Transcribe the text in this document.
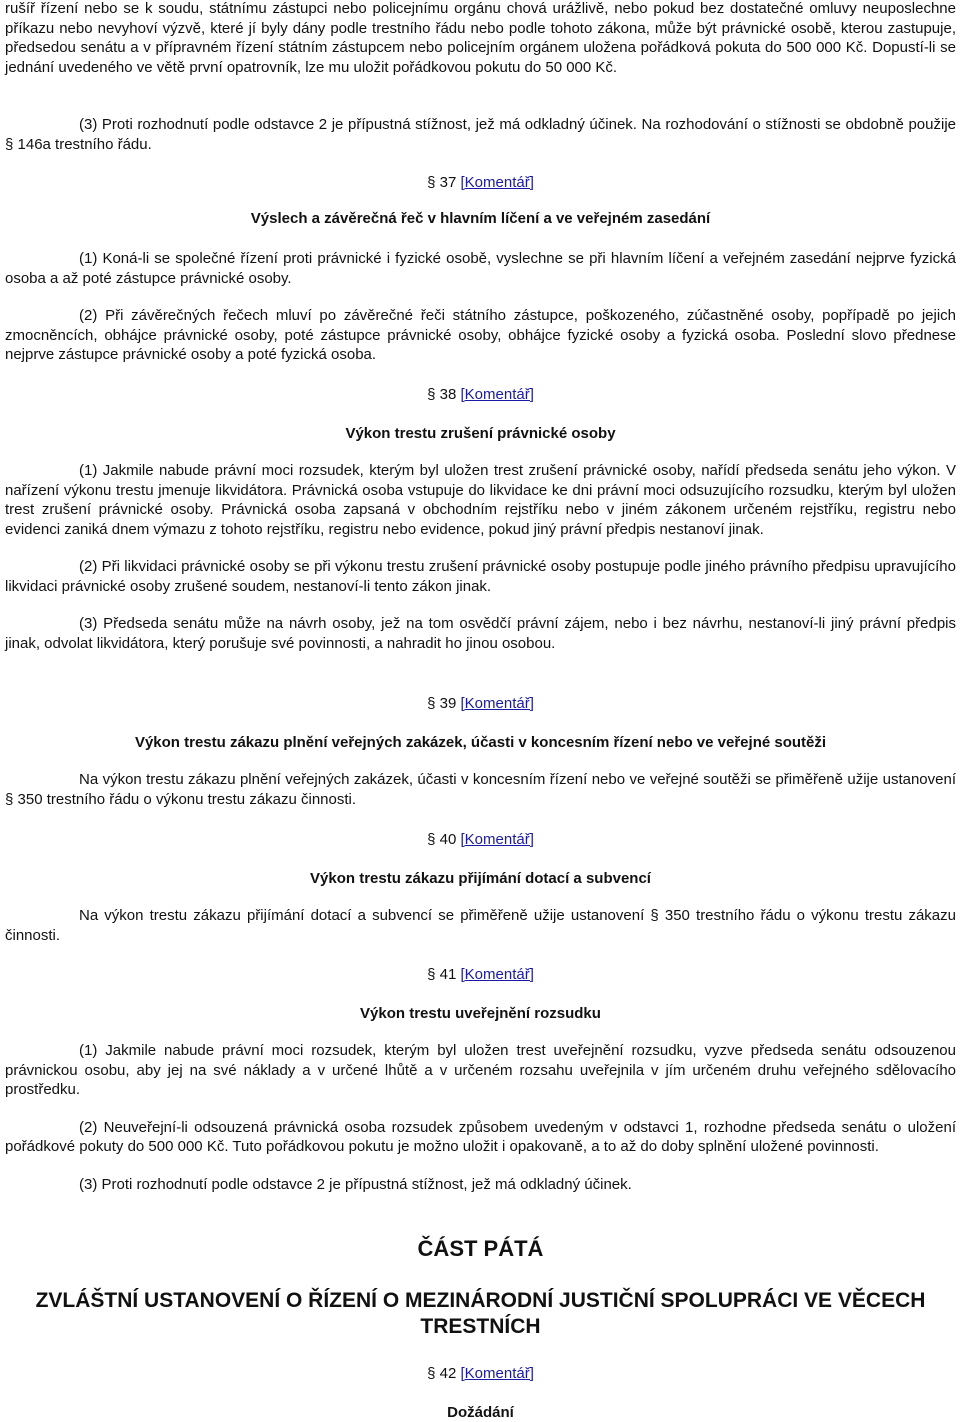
rušíř řízení nebo se k soudu, státnímu zástupci nebo policejnímu orgánu chová urážlivě, nebo pokud bez dostatečné omluvy neuposlechne příkazu nebo nevyhoví výzvě, které jí byly dány podle trestního řádu nebo podle tohoto zákona, může být právnické osobě, kterou zastupuje, předsedou senátu a v přípravném řízení státním zástupcem nebo policejním orgánem uložena pořádková pokuta do 500 000 Kč. Dopustí-li se jednání uvedeného ve větě první opatrovník, lze mu uložit pořádkovou pokutu do 50 000 Kč.

(3) Proti rozhodnutí podle odstavce 2 je přípustná stížnost, jež má odkladný účinek. Na rozhodování o stížnosti se obdobně použije § 146a trestního řádu.

§ 37 [Komentář]

Výslech a závěrečná řeč v hlavním líčení a ve veřejném zasedání

(1) Koná-li se společné řízení proti právnické i fyzické osobě, vyslechne se při hlavním líčení a veřejném zasedání nejprve fyzická osoba a až poté zástupce právnické osoby.

(2) Při závěrečných řečech mluví po závěrečné řeči státního zástupce, poškozeného, zúčastněné osoby, popřípadě po jejich zmocněncích, obhájce právnické osoby, poté zástupce právnické osoby, obhájce fyzické osoby a fyzická osoba. Poslední slovo přednese nejprve zástupce právnické osoby a poté fyzická osoba.

§ 38 [Komentář]

Výkon trestu zrušení právnické osoby

(1) Jakmile nabude právní moci rozsudek, kterým byl uložen trest zrušení právnické osoby, nařídí předseda senátu jeho výkon. V nařízení výkonu trestu jmenuje likvidátora. Právnická osoba vstupuje do likvidace ke dni právní moci odsuzujícího rozsudku, kterým byl uložen trest zrušení právnické osoby. Právnická osoba zapsaná v obchodním rejstříku nebo v jiném zákonem určeném rejstříku, registru nebo evidenci zaniká dnem výmazu z tohoto rejstříku, registru nebo evidence, pokud jiný právní předpis nestanoví jinak.

(2) Při likvidaci právnické osoby se při výkonu trestu zrušení právnické osoby postupuje podle jiného právního předpisu upravujícího likvidaci právnické osoby zrušené soudem, nestanoví-li tento zákon jinak.

(3) Předseda senátu může na návrh osoby, jež na tom osvědčí právní zájem, nebo i bez návrhu, nestanoví-li jiný právní předpis jinak, odvolat likvidátora, který porušuje své povinnosti, a nahradit ho jinou osobou.

§ 39 [Komentář]

Výkon trestu zákazu plnění veřejných zakázek, účasti v koncesním řízení nebo ve veřejné soutěži

Na výkon trestu zákazu plnění veřejných zakázek, účasti v koncesním řízení nebo ve veřejné soutěži se přiměřeně užije ustanovení § 350 trestního řádu o výkonu trestu zákazu činnosti.

§ 40 [Komentář]

Výkon trestu zákazu přijímání dotací a subvencí

Na výkon trestu zákazu přijímání dotací a subvencí se přiměřeně užije ustanovení § 350 trestního řádu o výkonu trestu zákazu činnosti.

§ 41 [Komentář]

Výkon trestu uveřejnění rozsudku

(1) Jakmile nabude právní moci rozsudek, kterým byl uložen trest uveřejnění rozsudku, vyzve předseda senátu odsouzenou právnickou osobu, aby jej na své náklady a v určené lhůtě a v určeném rozsahu uveřejnila v jím určeném druhu veřejného sdělovacího prostředku.

(2) Neuveřejní-li odsouzená právnická osoba rozsudek způsobem uvedeným v odstavci 1, rozhodne předseda senátu o uložení pořádkové pokuty do 500 000 Kč. Tuto pořádkovou pokutu je možno uložit i opakovaně, a to až do doby splnění uložené povinnosti.

(3) Proti rozhodnutí podle odstavce 2 je přípustná stížnost, jež má odkladný účinek.

ČÁST PÁTÁ

ZVLÁŠTNÍ USTANOVENÍ O ŘÍZENÍ O MEZINÁRODNÍ JUSTIČNÍ SPOLUPRÁCI VE VĚCECH TRESTNÍCH

§ 42 [Komentář]

Dožádání
